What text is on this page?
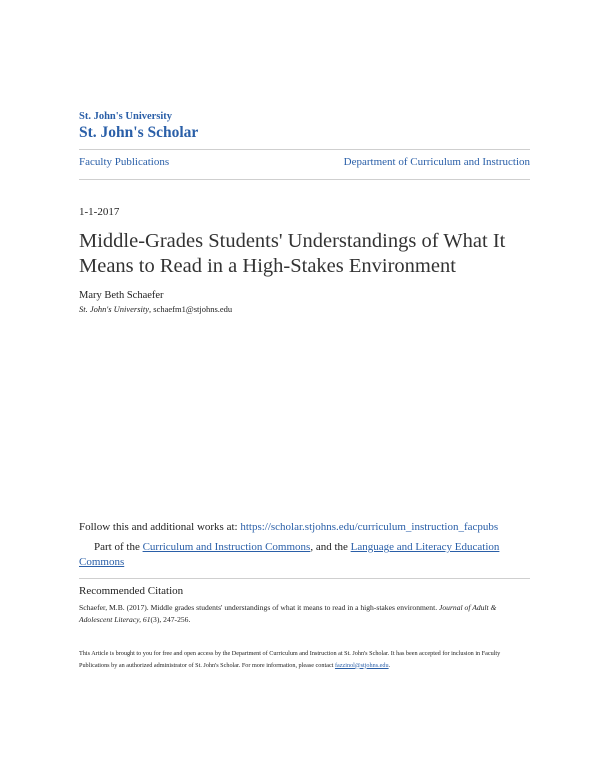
St. John's University
St. John's Scholar
Faculty Publications	Department of Curriculum and Instruction
1-1-2017
Middle-Grades Students' Understandings of What It Means to Read in a High-Stakes Environment
Mary Beth Schaefer
St. John's University, schaefm1@stjohns.edu
Follow this and additional works at: https://scholar.stjohns.edu/curriculum_instruction_facpubs
Part of the Curriculum and Instruction Commons, and the Language and Literacy Education Commons
Recommended Citation
Schaefer, M.B. (2017). Middle grades students' understandings of what it means to read in a high-stakes environment. Journal of Adult & Adolescent Literacy, 61(3), 247-256.
This Article is brought to you for free and open access by the Department of Curriculum and Instruction at St. John's Scholar. It has been accepted for inclusion in Faculty Publications by an authorized administrator of St. John's Scholar. For more information, please contact fazzinol@stjohns.edu.
